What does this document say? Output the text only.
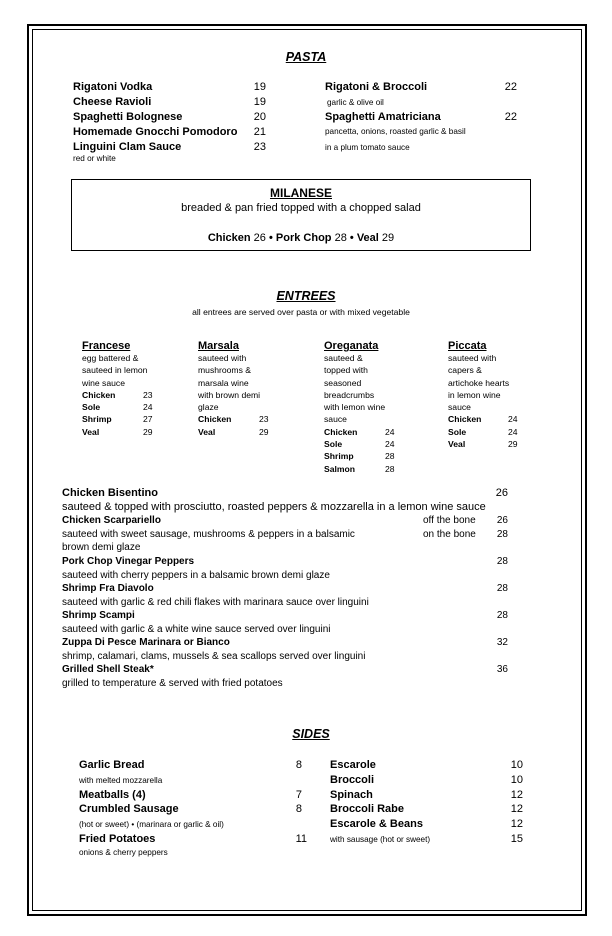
PASTA
Rigatoni Vodka	19
Cheese Ravioli	19
Spaghetti Bolognese	20
Homemade Gnocchi Pomodoro	21
Linguini Clam Sauce	23
red or white
Rigatoni & Broccoli	22
garlic & olive oil
Spaghetti Amatriciana	22
pancetta, onions, roasted garlic & basil
in a plum tomato sauce
MILANESE
breaded & pan fried topped with a chopped salad
Chicken 26 • Pork Chop 28 • Veal 29
ENTREES
all entrees are served over pasta or with mixed vegetable
Francese
egg battered &
sauteed in lemon
wine sauce
Chicken	23
Sole	24
Shrimp	27
Veal	29
Marsala
sauteed with
mushrooms &
marsala wine
with brown demi
glaze
Chicken	23
Veal	29
Oreganata
sauteed &
topped with
seasoned
breadcrumbs
with lemon wine
sauce
Chicken	24
Sole	24
Shrimp	28
Salmon	28
Piccata
sauteed with
capers &
artichoke hearts
in lemon wine
sauce
Chicken	24
Sole	24
Veal	29
Chicken Bisentino	26
sauteed & topped with prosciutto, roasted peppers & mozzarella in a lemon wine sauce
Chicken Scarpariello	off the bone	26
sauteed with sweet sausage, mushrooms & peppers in a balsamic	on the bone	28
brown demi glaze
Pork Chop Vinegar Peppers	28
sauteed with cherry peppers in a balsamic brown demi glaze
Shrimp Fra Diavolo	28
sauteed with garlic & red chili flakes with marinara sauce over linguini
Shrimp Scampi	28
sauteed with garlic & a white wine sauce served over linguini
Zuppa Di Pesce Marinara or Bianco	32
shrimp, calamari, clams, mussels & sea scallops served over linguini
Grilled Shell Steak*	36
grilled to temperature & served with fried potatoes
SIDES
Garlic Bread	8
with melted mozzarella
Meatballs (4)	7
Crumbled Sausage	8
(hot or sweet) • (marinara or garlic & oil)
Fried Potatoes	11
onions & cherry peppers
Escarole	10
Broccoli	10
Spinach	12
Broccoli Rabe	12
Escarole & Beans	12
with sausage (hot or sweet)	15
